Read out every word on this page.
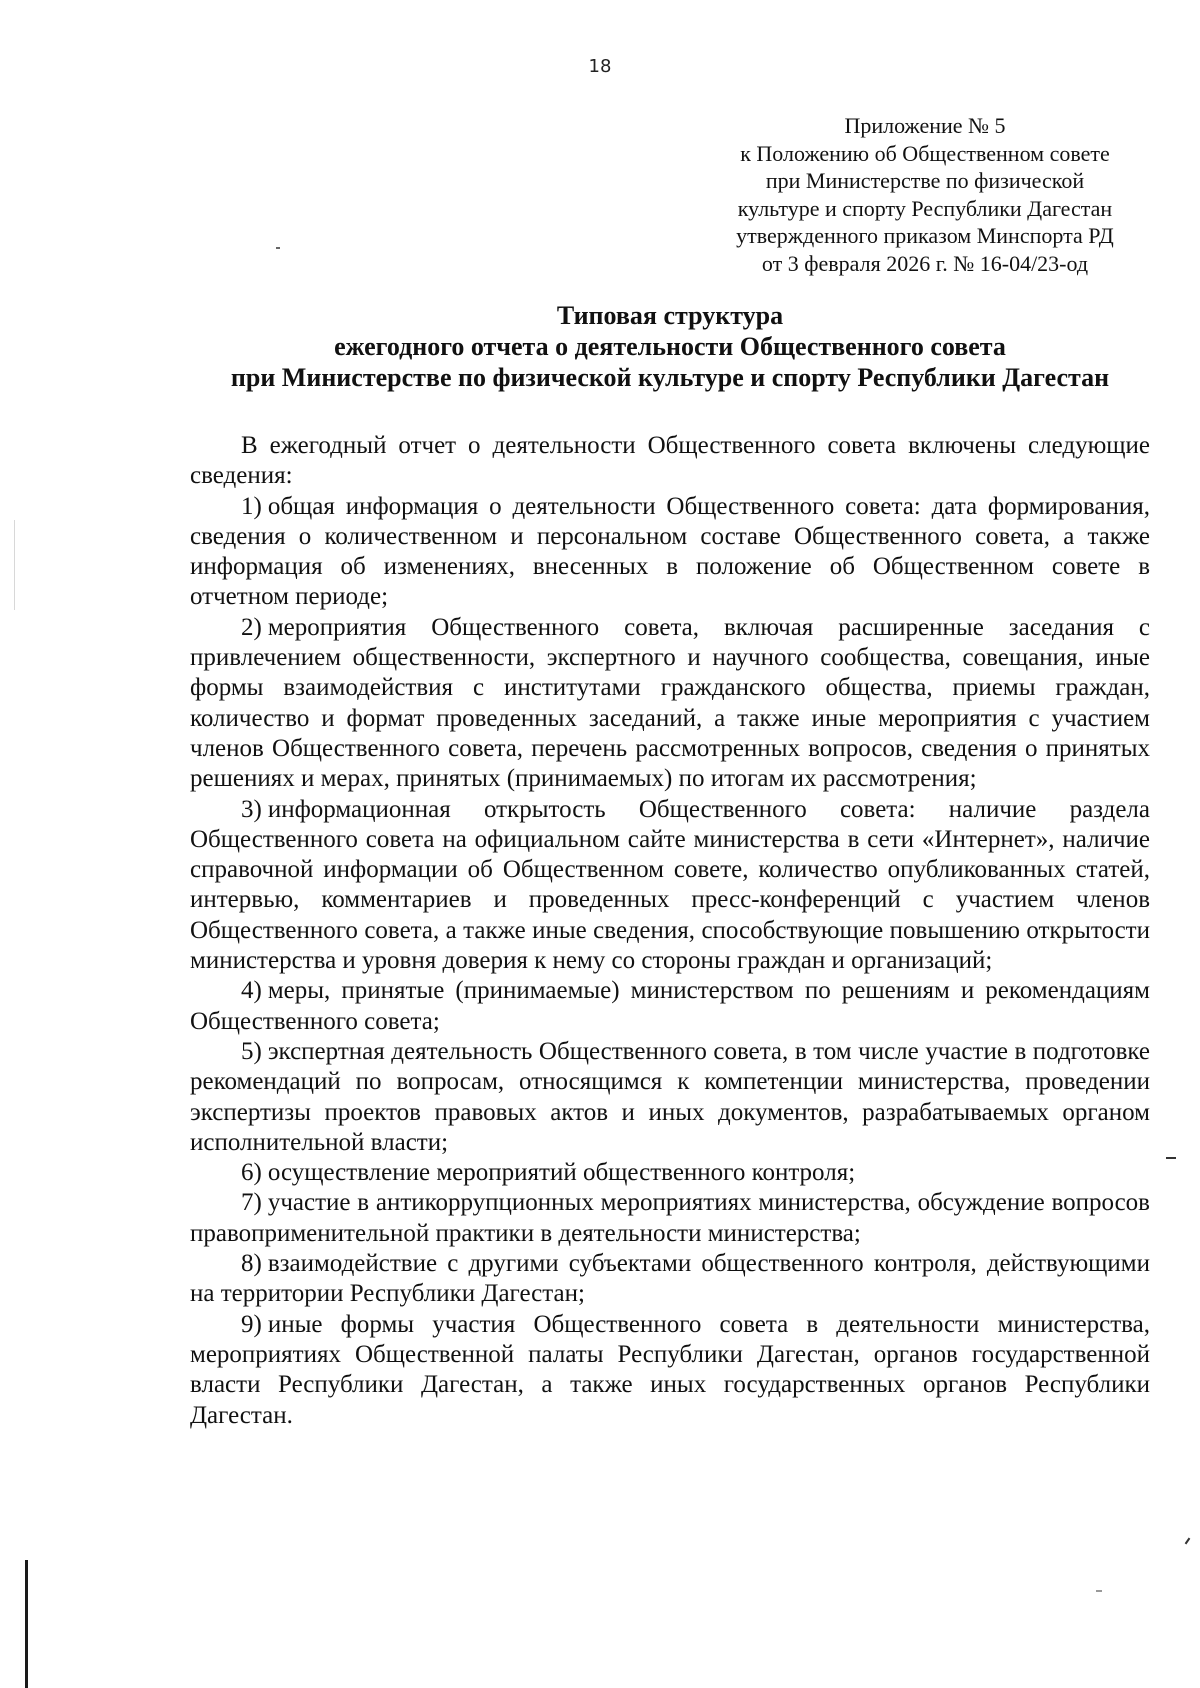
18
Приложение № 5
к Положению об Общественном совете
при Министерстве по физической
культуре и спорту Республики Дагестан
утвержденного приказом Минспорта РД
от 3 февраля 2026 г. № 16-04/23-од
Типовая структура
ежегодного отчета о деятельности Общественного совета
при Министерстве по физической культуре и спорту Республики Дагестан

В ежегодный отчет о деятельности Общественного совета включены следующие сведения:

1) общая информация о деятельности Общественного совета: дата формирования, сведения о количественном и персональном составе Общественного совета, а также информация об изменениях, внесенных в положение об Общественном совете в отчетном периоде;

2) мероприятия Общественного совета, включая расширенные заседания с привлечением общественности, экспертного и научного сообщества, совещания, иные формы взаимодействия с институтами гражданского общества, приемы граждан, количество и формат проведенных заседаний, а также иные мероприятия с участием членов Общественного совета, перечень рассмотренных вопросов, сведения о принятых решениях и мерах, принятых (принимаемых) по итогам их рассмотрения;

3) информационная открытость Общественного совета: наличие раздела Общественного совета на официальном сайте министерства в сети «Интернет», наличие справочной информации об Общественном совете, количество опубликованных статей, интервью, комментариев и проведенных пресс-конференций с участием членов Общественного совета, а также иные сведения, способствующие повышению открытости министерства и уровня доверия к нему со стороны граждан и организаций;

4) меры, принятые (принимаемые) министерством по решениям и рекомендациям Общественного совета;

5) экспертная деятельность Общественного совета, в том числе участие в подготовке рекомендаций по вопросам, относящимся к компетенции министерства, проведении экспертизы проектов правовых актов и иных документов, разрабатываемых органом исполнительной власти;

6) осуществление мероприятий общественного контроля;

7) участие в антикоррупционных мероприятиях министерства, обсуждение вопросов правоприменительной практики в деятельности министерства;

8) взаимодействие с другими субъектами общественного контроля, действующими на территории Республики Дагестан;

9) иные формы участия Общественного совета в деятельности министерства, мероприятиях Общественной палаты Республики Дагестан, органов государственной власти Республики Дагестан, а также иных государственных органов Республики Дагестан.
